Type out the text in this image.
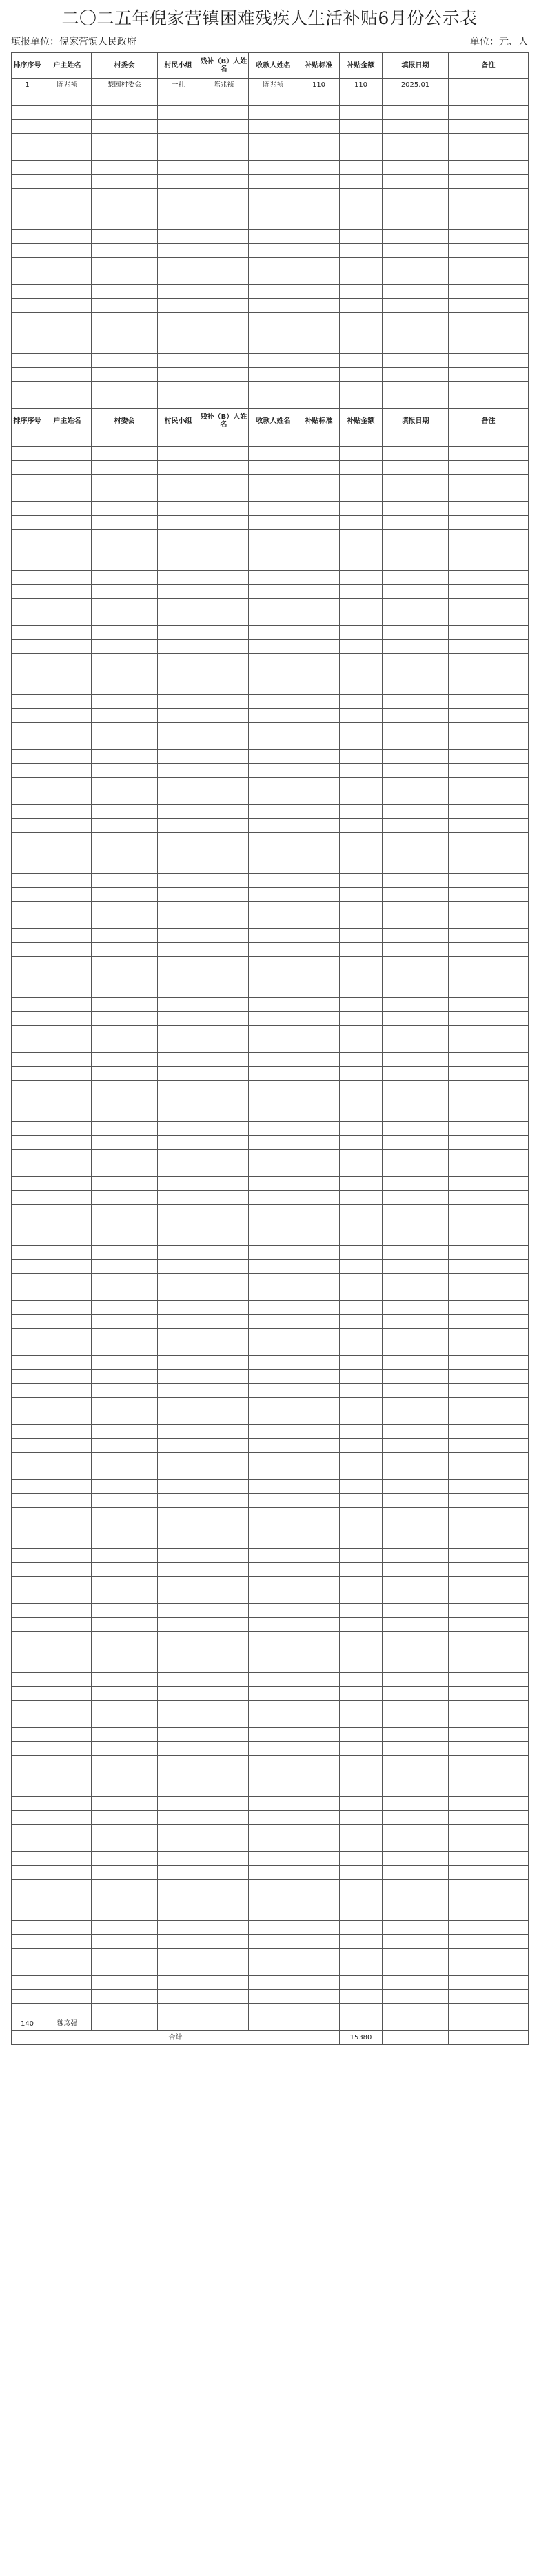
二〇二五年倪家营镇困难残疾人生活补贴6月份公示表
填报单位：倪家营镇人民政府	单位：元、人
排序序号	户主姓名	村委会	村民小组	残补（B）人姓名	收款人姓名	补贴标准	补贴金额	填报日期	备注
1	陈兆祯	梨园村委会	一社	陈兆祯	陈兆祯	110	110	2025.01	

排序序号	户主姓名	村委会	村民小组	残补（B）人姓名	收款人姓名	补贴标准	补贴金额	填报日期	备注

140	魏彦强								
合计							15380		
